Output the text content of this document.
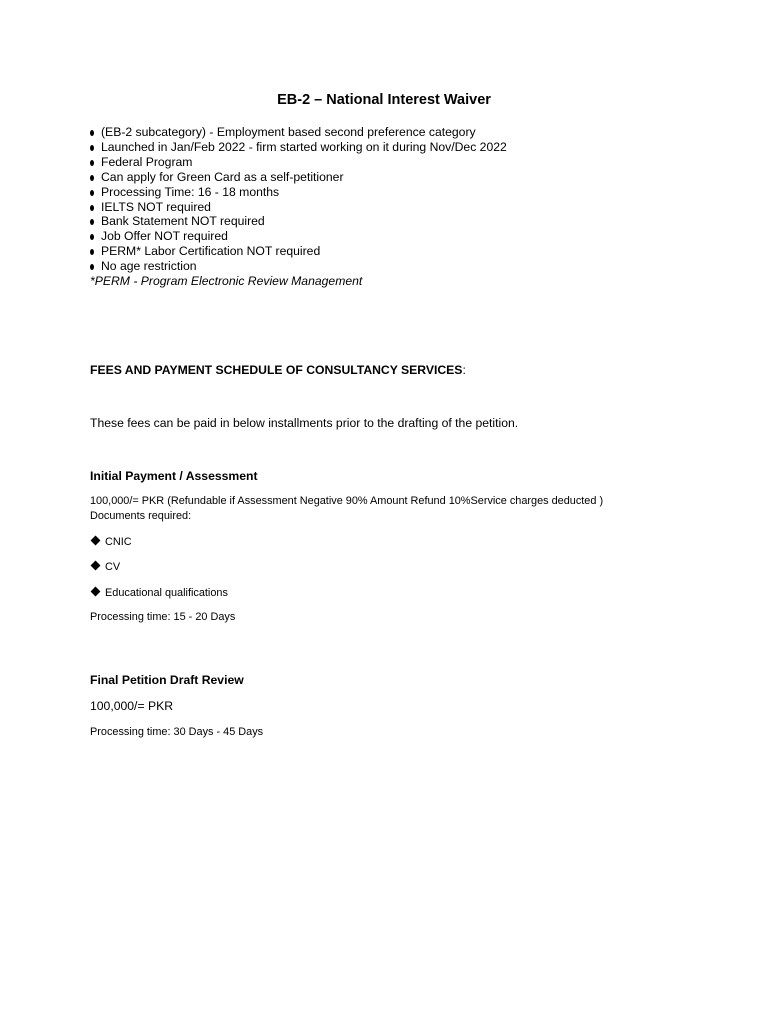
EB-2 – National Interest Waiver
(EB-2 subcategory) - Employment based second preference category
Launched in Jan/Feb 2022 - firm started working on it during Nov/Dec 2022
Federal Program
Can apply for Green Card as a self-petitioner
Processing Time: 16 - 18 months
IELTS NOT required
Bank Statement NOT required
Job Offer NOT required
PERM* Labor Certification NOT required
No age restriction
*PERM - Program Electronic Review Management
FEES AND PAYMENT SCHEDULE OF CONSULTANCY SERVICES:
These fees can be paid in below installments prior to the drafting of the petition.
Initial Payment / Assessment
100,000/= PKR (Refundable if Assessment Negative 90% Amount Refund 10%Service charges deducted )
Documents required:
CNIC
CV
Educational qualifications
Processing time: 15 - 20 Days
Final Petition Draft Review
100,000/= PKR
Processing time: 30 Days - 45 Days
